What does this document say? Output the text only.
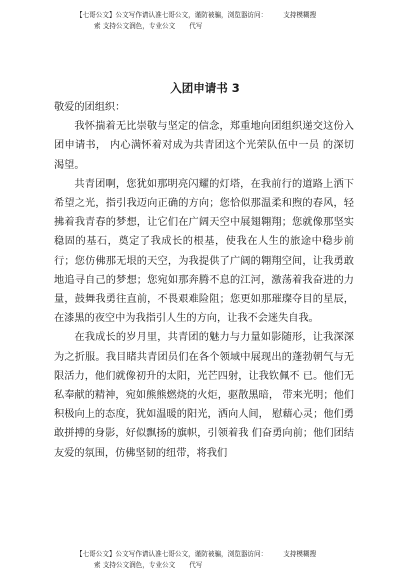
【七哥公文】公文写作请认准七哥公文，谨防被骗，浏览器访问： 支持模糊搜
索 支持公文润色，专业公文 代写
入团申请书 3

敬爱的团组织：

我怀揣着无比崇敬与坚定的信念，郑重地向团组织递交这份入团申请书， 内心满怀着对成为共青团这个光荣队伍中一员 的深切渴望。

共青团啊，您犹如那明亮闪耀的灯塔，在我前行的道路上洒下希望之光，指引我迈向正确的方向；您恰似那温柔和煦的春风，轻拂着我青春的梦想，让它们在广阔天空中展翅翱翔；您就像那坚实稳固的基石，奠定了我成长的根基，使我在人生的旅途中稳步前行；您仿佛那无垠的天空，为我提供了广阔的翱翔空间，让我勇敢地追寻自己的梦想；您宛如那奔腾不息的江河，激荡着我奋进的力量，鼓舞我勇往直前，不畏艰难险阻；您更如那璀璨夺目的星辰，在漆黑的夜空中为我指引人生的方向，让我不会迷失自我。

在我成长的岁月里，共青团的魅力与力量如影随形，让我深深为之折服。我目睹共青团员们在各个领域中展现出的蓬勃朝气与无限活力，他们就像初升的太阳，光芒四射，让我钦佩不 已。他们无私奉献的精神，宛如熊熊燃烧的火炬，驱散黑暗， 带来光明；他们积极向上的态度，犹如温暖的阳光，洒向人间， 慰藉心灵；他们勇敢拼搏的身影，好似飘扬的旗帜，引领着我 们奋勇向前；他们团结友爱的氛围，仿佛坚韧的纽带，将我们

【七哥公文】公文写作请认准七哥公文，谨防被骗，浏览器访问： 支持模糊搜
索 支持公文润色，专业公文 代写
